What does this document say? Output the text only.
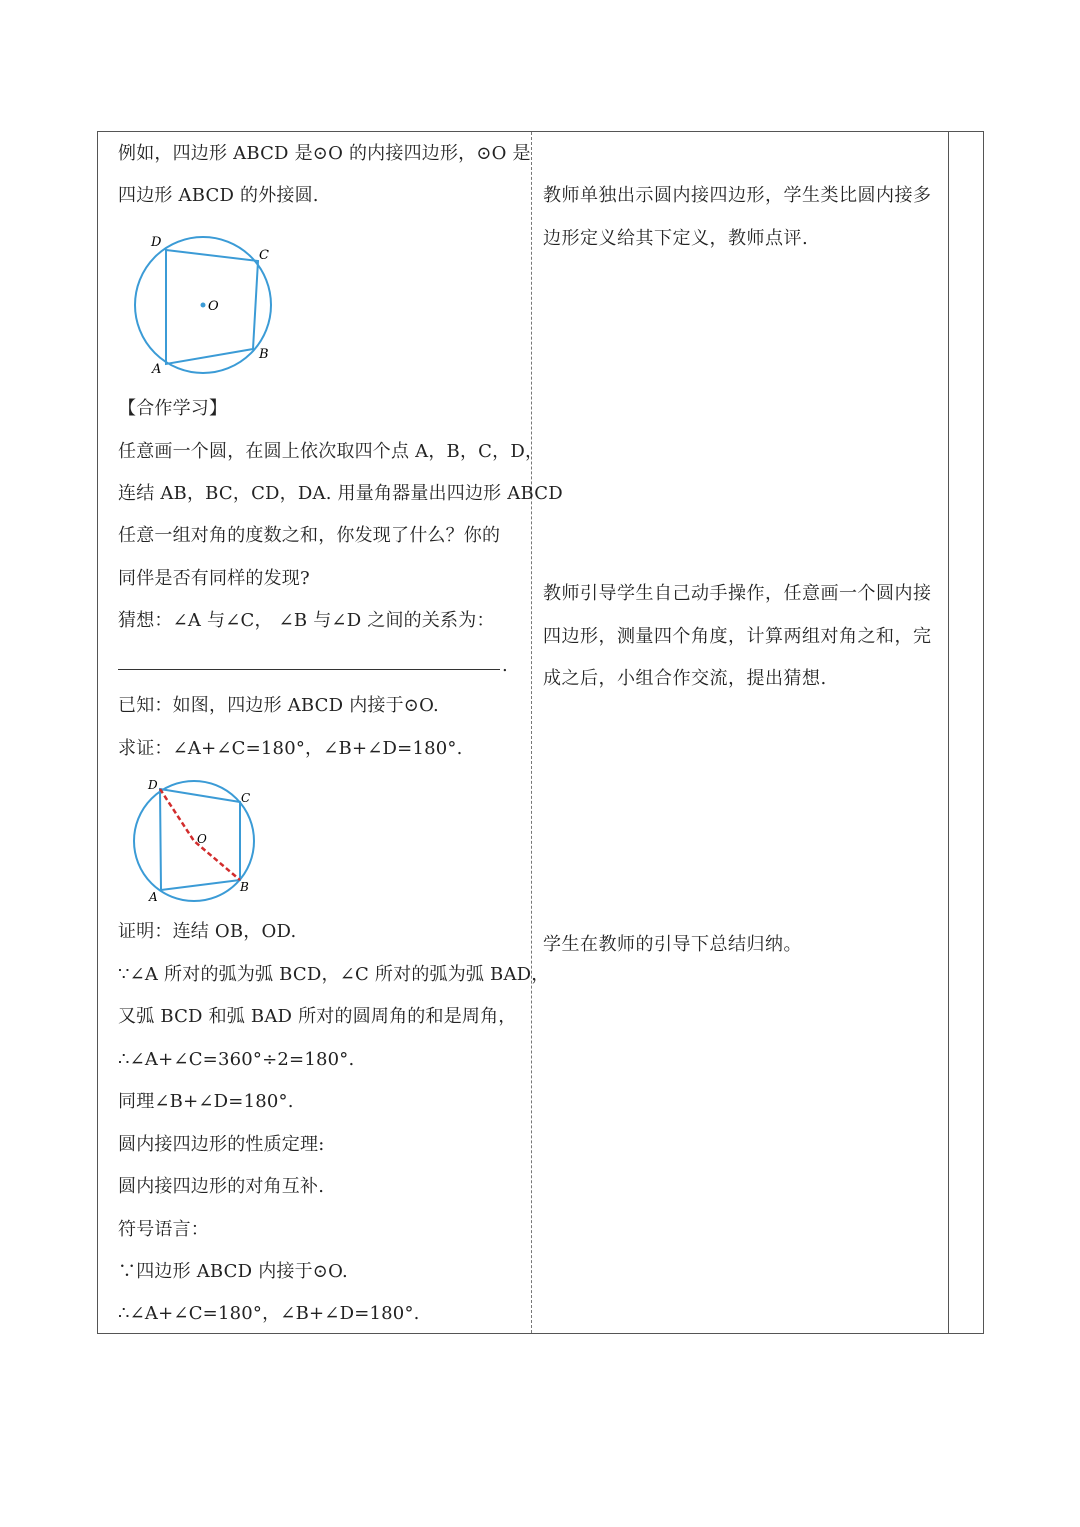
例如，四边形 ABCD 是⊙O 的内接四边形，⊙O 是
四边形 ABCD 的外接圆.
D
C
B
A
O
【合作学习】
任意画一个圆，在圆上依次取四个点 A，B，C，D，
连结 AB，BC，CD，DA. 用量角器量出四边形 ABCD
任意一组对角的度数之和，你发现了什么？你的
同伴是否有同样的发现?
猜想：∠A 与∠C， ∠B 与∠D 之间的关系为：
.
已知：如图，四边形 ABCD 内接于⊙O.
求证：∠A+∠C=180°，∠B+∠D=180°.
D
C
B
A
O
证明：连结 OB，OD.
∵∠A 所对的弧为弧 BCD，∠C 所对的弧为弧 BAD，
又弧 BCD 和弧 BAD 所对的圆周角的和是周角，
∴∠A+∠C=360°÷2=180°.
同理∠B+∠D=180°.
圆内接四边形的性质定理:
圆内接四边形的对角互补.
符号语言：
∵四边形 ABCD 内接于⊙O.
∴∠A+∠C=180°，∠B+∠D=180°.
教师单独出示圆内接四边形，学生类比圆内接多
边形定义给其下定义，教师点评.
教师引导学生自己动手操作，任意画一个圆内接
四边形，测量四个角度，计算两组对角之和，完
成之后，小组合作交流，提出猜想.
学生在教师的引导下总结归纳。
